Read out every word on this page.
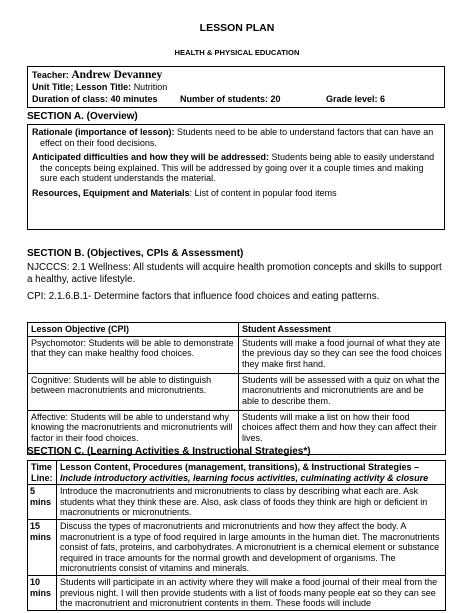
LESSON PLAN
HEALTH & PHYSICAL EDUCATION
Teacher: Andrew Devanney
Unit Title; Lesson Title: Nutrition
Duration of class: 40 minutes Number of students: 20	Grade level: 6
SECTION A. (Overview)

Rationale (importance of lesson): Students need to be able to understand factors that can have an effect on their food decisions.

Anticipated difficulties and how they will be addressed: Students being able to easily understand the concepts being explained. This will be addressed by going over it a couple times and making sure each student understands the material.

Resources, Equipment and Materials: List of content in popular food items

SECTION B. (Objectives, CPIs & Assessment)
NJCCCS: 2.1 Wellness: All students will acquire health promotion concepts and skills to support a healthy, active lifestyle.
CPI: 2.1.6.B.1- Determine factors that influence food choices and eating patterns.
Lesson Objective (CPI)	Student Assessment
Psychomotor: Students will be able to demonstrate that they can make healthy food choices.	Students will make a food journal of what they ate the previous day so they can see the food choices they make first hand.
Cognitive: Students will be able to distinguish between macronutrients and micronutrients.	Students will be assessed with a quiz on what the macronutrients and micronutrients are and be able to describe them.
Affective: Students will be able to understand why knowing the macronutrients and micronutrients will factor in their food choices.	Students will make a list on how their food choices affect them and how they can affect their lives.
SECTION C. (Learning Activities & Instructional Strategies*)
Time Line:	Lesson Content, Procedures (management, transitions), & Instructional Strategies – Include introductory activities, learning focus activities, culminating activity & closure
5 mins	Introduce the macronutrients and micronutrients to class by describing what each are. Ask students what they think these are. Also, ask class of foods they think are high or deficient in macronutrients or micronutrients.
15 mins	Discuss the types of macronutrients and micronutrients and how they affect the body. A macronutrient is a type of food required in large amounts in the human diet. The macronutrients consist of fats, proteins, and carbohydrates. A micronutrient is a chemical element or substance required in trace amounts for the normal growth and development of organisms. The micronutrients consist of vitamins and minerals.
10 mins	Students will participate in an activity where they will make a food journal of their meal from the previous night. I will then provide students with a list of foods many people eat so they can see the macronutrient and micronutrient contents in them. These foods will include
